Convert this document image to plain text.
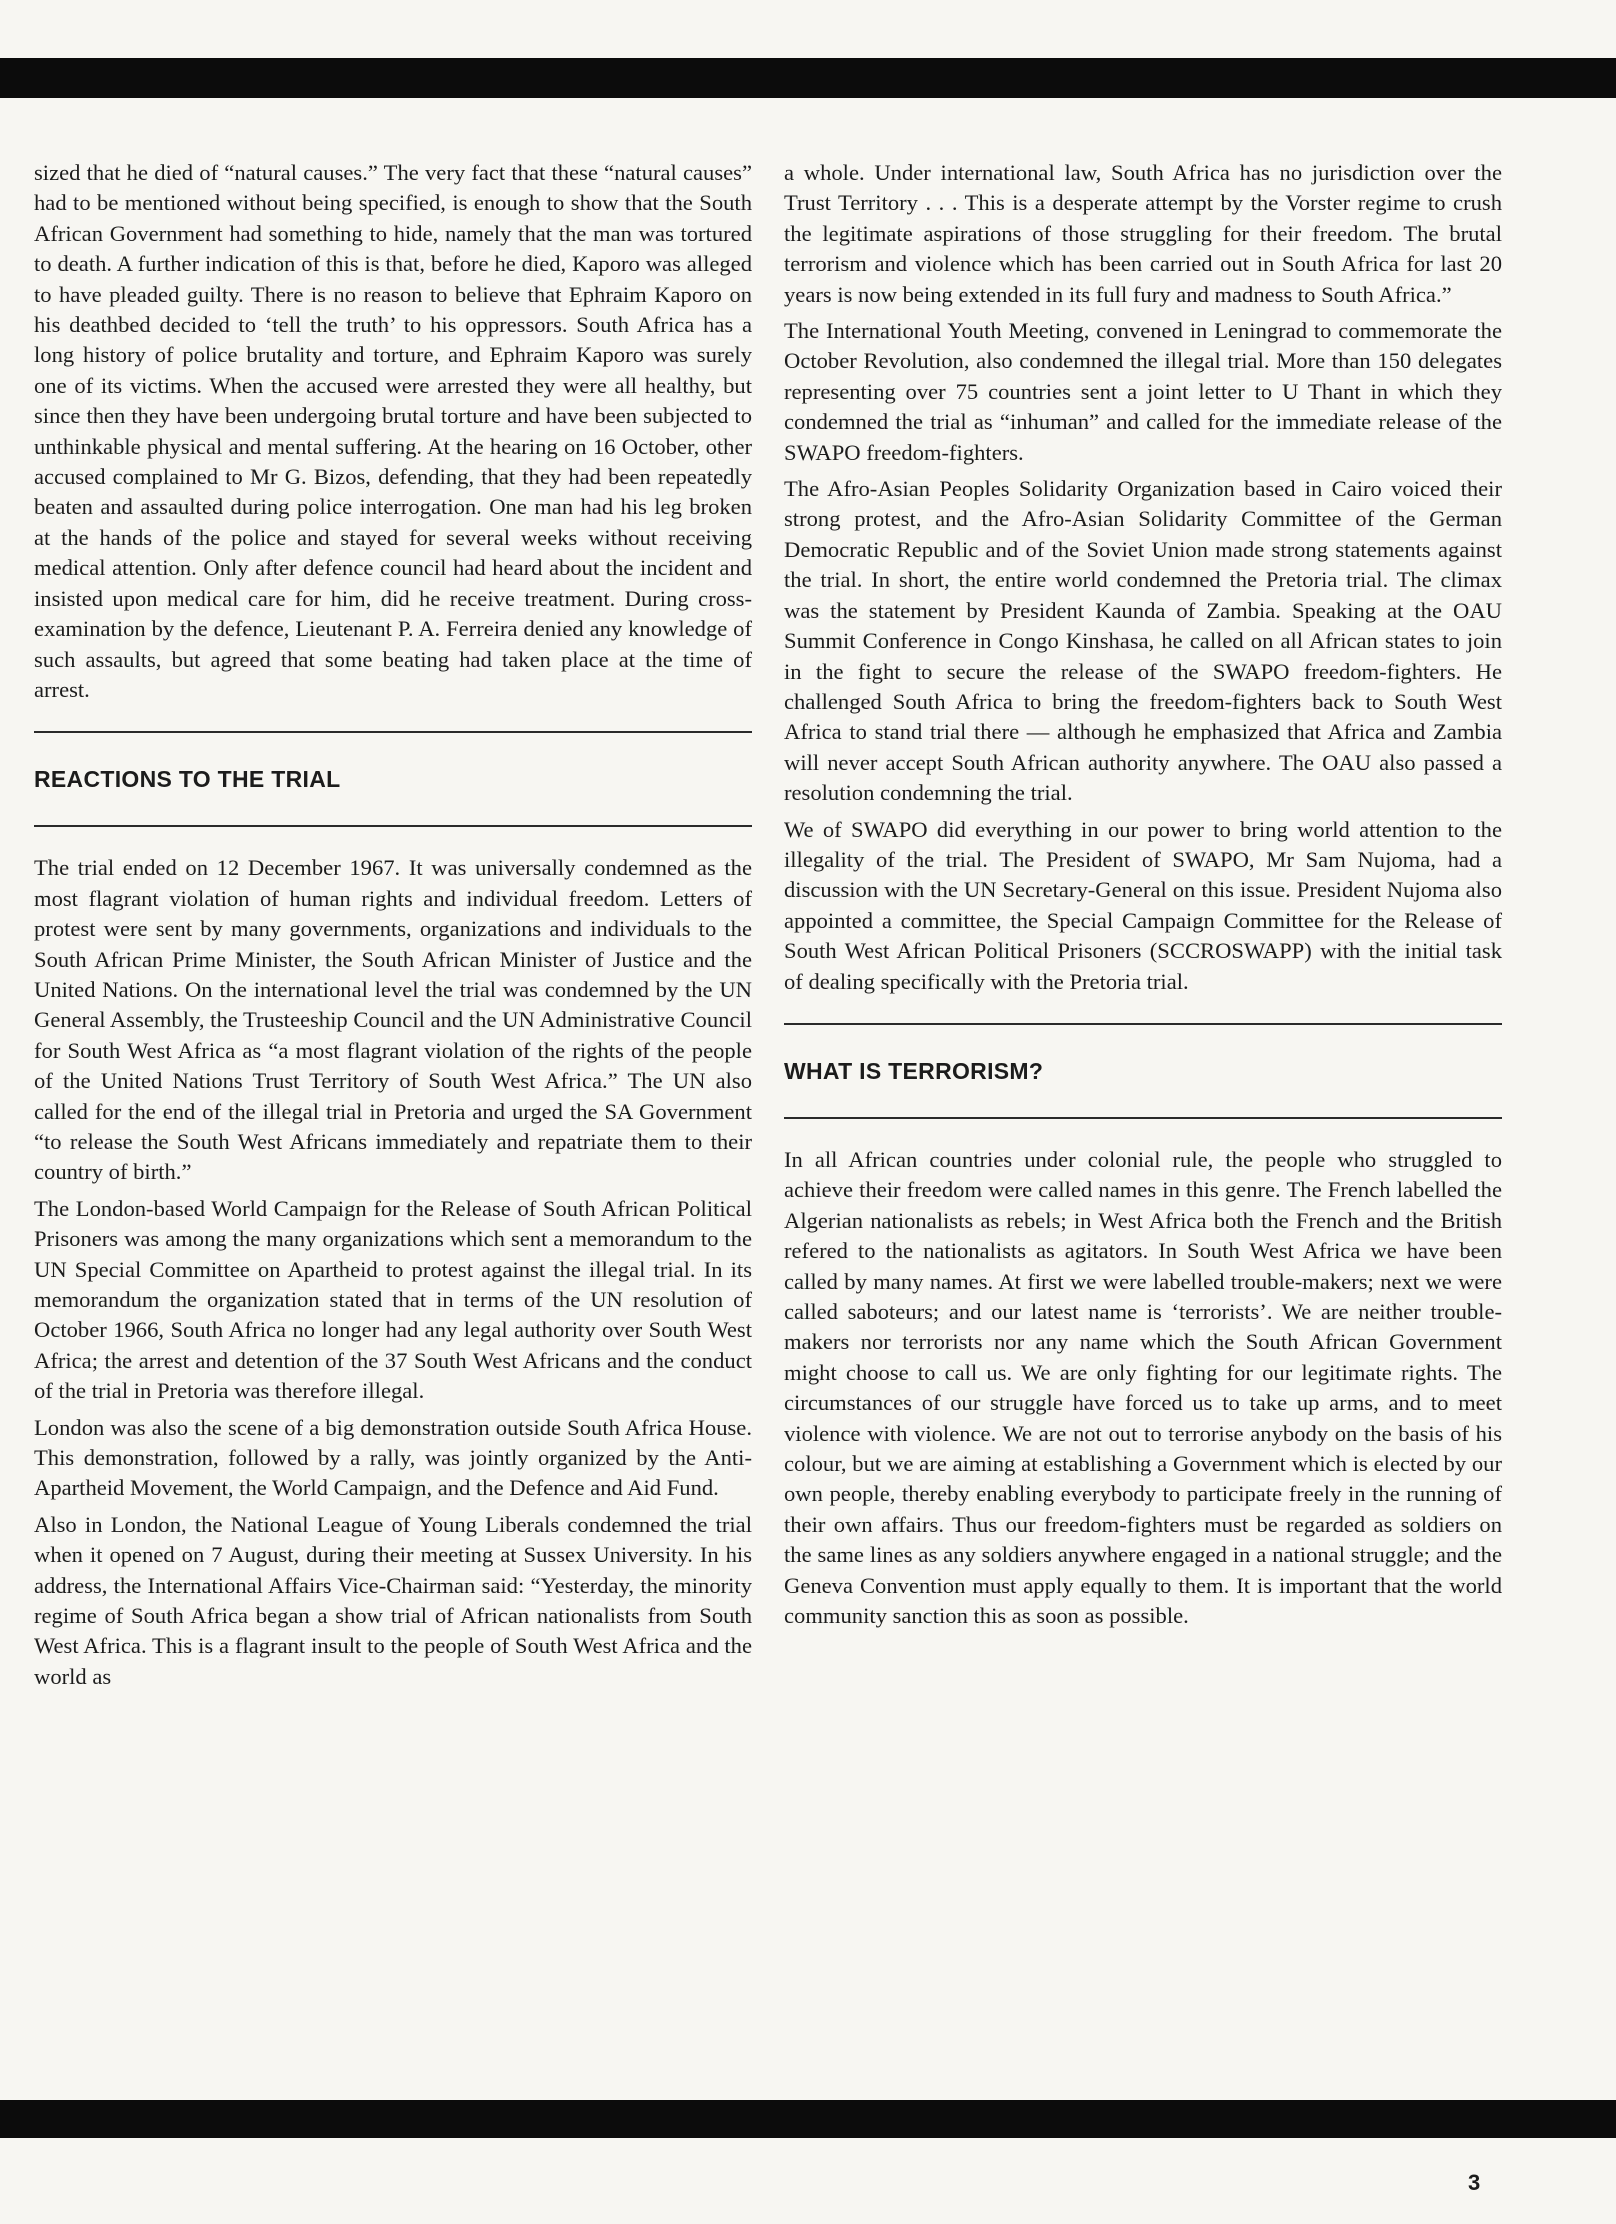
sized that he died of “natural causes.” The very fact that these “natural causes” had to be mentioned without being specified, is enough to show that the South African Government had something to hide, namely that the man was tortured to death. A further indication of this is that, before he died, Kaporo was alleged to have pleaded guilty. There is no reason to believe that Ephraim Kaporo on his deathbed decided to ‘tell the truth’ to his oppressors. South Africa has a long history of police brutality and torture, and Ephraim Kaporo was surely one of its victims. When the accused were arrested they were all healthy, but since then they have been undergoing brutal torture and have been subjected to unthinkable physical and mental suffering. At the hearing on 16 October, other accused complained to Mr G. Bizos, defending, that they had been repeatedly beaten and assaulted during police interrogation. One man had his leg broken at the hands of the police and stayed for several weeks without receiving medical attention. Only after defence council had heard about the incident and insisted upon medical care for him, did he receive treatment. During cross-examination by the defence, Lieutenant P. A. Ferreira denied any knowledge of such assaults, but agreed that some beating had taken place at the time of arrest.

REACTIONS TO THE TRIAL

The trial ended on 12 December 1967. It was universally condemned as the most flagrant violation of human rights and individual freedom. Letters of protest were sent by many governments, organizations and individuals to the South African Prime Minister, the South African Minister of Justice and the United Nations. On the international level the trial was condemned by the UN General Assembly, the Trusteeship Council and the UN Administrative Council for South West Africa as “a most flagrant violation of the rights of the people of the United Nations Trust Territory of South West Africa.” The UN also called for the end of the illegal trial in Pretoria and urged the SA Government “to release the South West Africans immediately and repatriate them to their country of birth.”

The London-based World Campaign for the Release of South African Political Prisoners was among the many organizations which sent a memorandum to the UN Special Committee on Apartheid to protest against the illegal trial. In its memorandum the organization stated that in terms of the UN resolution of October 1966, South Africa no longer had any legal authority over South West Africa; the arrest and detention of the 37 South West Africans and the conduct of the trial in Pretoria was therefore illegal.

London was also the scene of a big demonstration outside South Africa House. This demonstration, followed by a rally, was jointly organized by the Anti-Apartheid Movement, the World Campaign, and the Defence and Aid Fund.

Also in London, the National League of Young Liberals condemned the trial when it opened on 7 August, during their meeting at Sussex University. In his address, the International Affairs Vice-Chairman said: “Yesterday, the minority regime of South Africa began a show trial of African nationalists from South West Africa. This is a flagrant insult to the people of South West Africa and the world as

a whole. Under international law, South Africa has no jurisdiction over the Trust Territory . . . This is a desperate attempt by the Vorster regime to crush the legitimate aspirations of those struggling for their freedom. The brutal terrorism and violence which has been carried out in South Africa for last 20 years is now being extended in its full fury and madness to South Africa.”

The International Youth Meeting, convened in Leningrad to commemorate the October Revolution, also condemned the illegal trial. More than 150 delegates representing over 75 countries sent a joint letter to U Thant in which they condemned the trial as “inhuman” and called for the immediate release of the SWAPO freedom-fighters.

The Afro-Asian Peoples Solidarity Organization based in Cairo voiced their strong protest, and the Afro-Asian Solidarity Committee of the German Democratic Republic and of the Soviet Union made strong statements against the trial. In short, the entire world condemned the Pretoria trial. The climax was the statement by President Kaunda of Zambia. Speaking at the OAU Summit Conference in Congo Kinshasa, he called on all African states to join in the fight to secure the release of the SWAPO freedom-fighters. He challenged South Africa to bring the freedom-fighters back to South West Africa to stand trial there — although he emphasized that Africa and Zambia will never accept South African authority anywhere. The OAU also passed a resolution condemning the trial.

We of SWAPO did everything in our power to bring world attention to the illegality of the trial. The President of SWAPO, Mr Sam Nujoma, had a discussion with the UN Secretary-General on this issue. President Nujoma also appointed a committee, the Special Campaign Committee for the Release of South West African Political Prisoners (SCCROSWAPP) with the initial task of dealing specifically with the Pretoria trial.

WHAT IS TERRORISM?

In all African countries under colonial rule, the people who struggled to achieve their freedom were called names in this genre. The French labelled the Algerian nationalists as rebels; in West Africa both the French and the British refered to the nationalists as agitators. In South West Africa we have been called by many names. At first we were labelled trouble-makers; next we were called saboteurs; and our latest name is ‘terrorists’. We are neither trouble-makers nor terrorists nor any name which the South African Government might choose to call us. We are only fighting for our legitimate rights. The circumstances of our struggle have forced us to take up arms, and to meet violence with violence. We are not out to terrorise anybody on the basis of his colour, but we are aiming at establishing a Government which is elected by our own people, thereby enabling everybody to participate freely in the running of their own affairs. Thus our freedom-fighters must be regarded as soldiers on the same lines as any soldiers anywhere engaged in a national struggle; and the Geneva Convention must apply equally to them. It is important that the world community sanction this as soon as possible.

3
